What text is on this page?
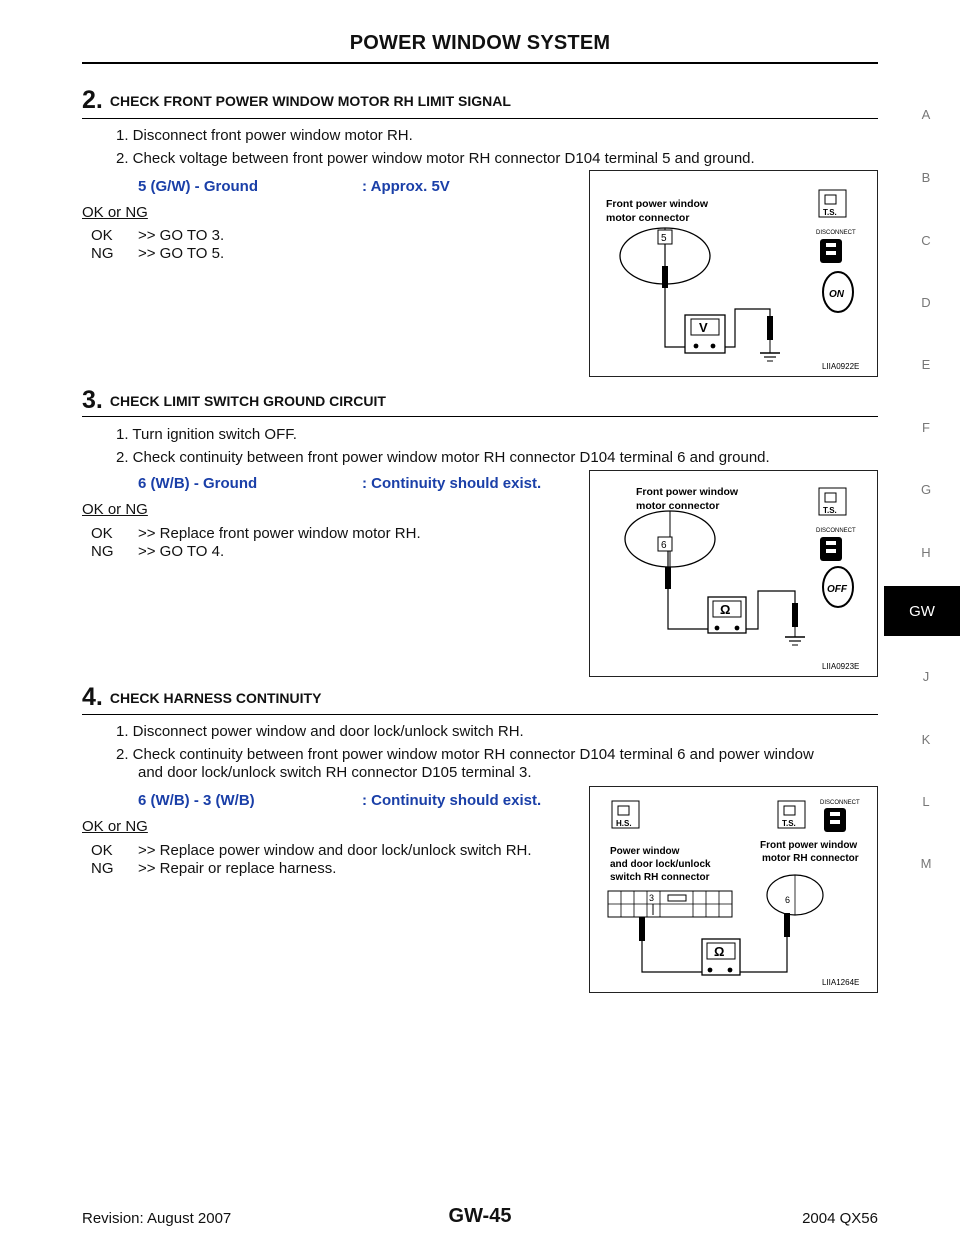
POWER WINDOW SYSTEM
A
B
C
D
E
F
G
H
GW
J
K
L
M
2. CHECK FRONT POWER WINDOW MOTOR RH LIMIT SIGNAL
1. Disconnect front power window motor RH.
2. Check voltage between front power window motor RH connector D104 terminal 5 and ground.
5 (G/W) - Ground	: Approx. 5V
OK or NG
OK >> GO TO 3.
NG >> GO TO 5.
Front power window
motor connector
5
V
T.S.
DISCONNECT
ON
LIIA0922E
3. CHECK LIMIT SWITCH GROUND CIRCUIT
1. Turn ignition switch OFF.
2. Check continuity between front power window motor RH connector D104 terminal 6 and ground.
6 (W/B) - Ground	: Continuity should exist.
OK or NG
OK >> Replace front power window motor RH.
NG >> GO TO 4.
Front power window
motor connector
6
Ω
T.S.
DISCONNECT
OFF
LIIA0923E
4. CHECK HARNESS CONTINUITY
1. Disconnect power window and door lock/unlock switch RH.
2. Check continuity between front power window motor RH connector D104 terminal 6 and power window
and door lock/unlock switch RH connector D105 terminal 3.
6 (W/B) - 3 (W/B)	: Continuity should exist.
OK or NG
OK >> Replace power window and door lock/unlock switch RH.
NG >> Repair or replace harness.
H.S.	T.S.
DISCONNECT
Front power window
motor RH connector
Power window
and door lock/unlock
switch RH connector
3	6
Ω
LIIA1264E
Revision: August 2007	GW-45	2004 QX56
